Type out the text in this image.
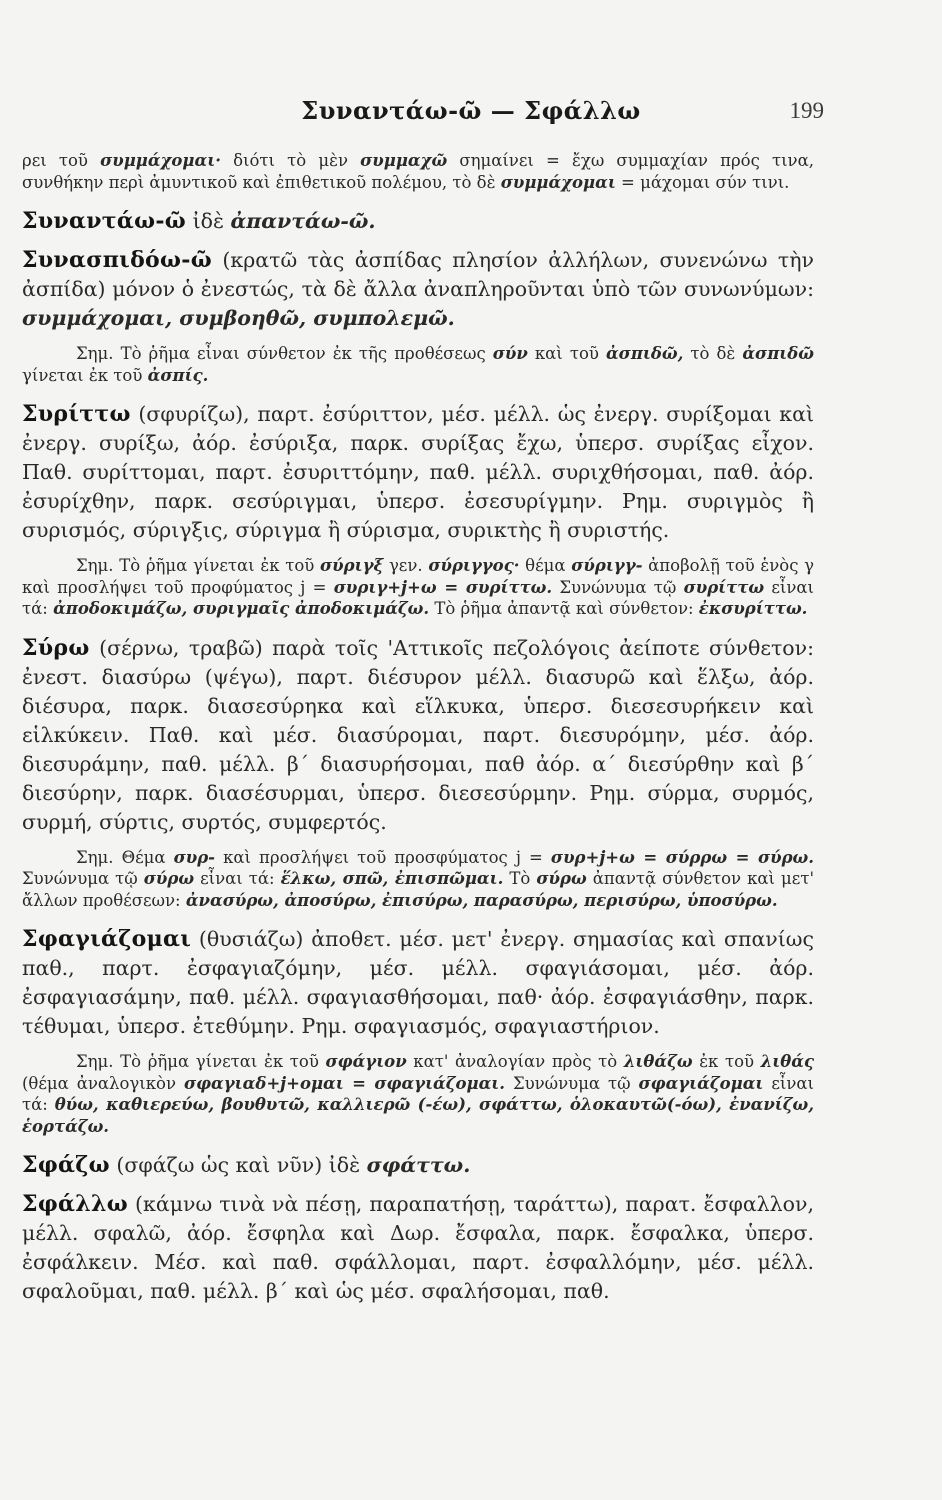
Συναντάω-ῶ — Σφάλλω	199

ρει τοῦ συμμάχομαι· διότι τὸ μὲν συμμαχῶ σημαίνει = ἔχω συμμαχίαν πρός τινα, συνθήκην περὶ ἀμυντικοῦ καὶ ἐπιθετικοῦ πολέμου, τὸ δὲ συμμάχομαι = μάχομαι σύν τινι.

Συναντάω-ῶ ἰδὲ ἀπαντάω-ῶ.

Συνασπιδόω-ῶ (κρατῶ τὰς ἀσπίδας πλησίον ἀλλήλων, συνενώνω τὴν ἀσπίδα) μόνον ὁ ἐνεστώς, τὰ δὲ ἄλλα ἀναπληροῦνται ὑπὸ τῶν συνωνύμων: συμμάχομαι, συμβοηθῶ, συμπολεμῶ.

Σημ. Τὸ ῥῆμα εἶναι σύνθετον ἐκ τῆς προθέσεως σύν καὶ τοῦ ἀσπιδῶ, τὸ δὲ ἀσπιδῶ γίνεται ἐκ τοῦ ἀσπίς.

Συρίττω (σφυρίζω), παρτ. ἐσύριττον, μέσ. μέλλ. ὡς ἐνεργ. συρίξομαι καὶ ἐνεργ. συρίξω, ἀόρ. ἐσύριξα, παρκ. συρίξας ἔχω, ὑπερσ. συρίξας εἶχον. Παθ. συρίττομαι, παρτ. ἐσυριττόμην, παθ. μέλλ. συριχθήσομαι, παθ. ἀόρ. ἐσυρίχθην, παρκ. σεσύριγμαι, ὑπερσ. ἐσεσυρίγμην. Ρημ. συριγμὸς ἢ συρισμός, σύριγξις, σύριγμα ἢ σύρισμα, συρικτὴς ἢ συριστής.

Σημ. Τὸ ῥῆμα γίνεται ἐκ τοῦ σύριγξ γεν. σύριγγος· θέμα σύριγγ- ἀποβολῇ τοῦ ἑνὸς γ καὶ προσλήψει τοῦ προφύματος j = συριγ+j+ω = συρίττω. Συνώνυμα τῷ συρίττω εἶναι τά: ἀποδοκιμάζω, συριγμαῖς ἀποδοκιμάζω. Τὸ ῥῆμα ἀπαντᾷ καὶ σύνθετον: ἐκσυρίττω.

Σύρω (σέρνω, τραβῶ) παρὰ τοῖς 'Αττικοῖς πεζολόγοις ἀείποτε σύνθετον: ἐνεστ. διασύρω (ψέγω), παρτ. διέσυρον μέλλ. διασυρῶ καὶ ἕλξω, ἀόρ. διέσυρα, παρκ. διασεσύρηκα καὶ εἵλκυκα, ὑπερσ. διεσεσυρήκειν καὶ εἱλκύκειν. Παθ. καὶ μέσ. διασύρομαι, παρτ. διεσυρόμην, μέσ. ἀόρ. διεσυράμην, παθ. μέλλ. β΄ διασυρήσομαι, παθ ἀόρ. α΄ διεσύρθην καὶ β΄ διεσύρην, παρκ. διασέσυρμαι, ὑπερσ. διεσεσύρμην. Ρημ. σύρμα, συρμός, συρμή, σύρτις, συρτός, συμφερτός.

Σημ. Θέμα συρ- καὶ προσλήψει τοῦ προσφύματος j = συρ+j+ω = σύρρω = σύρω. Συνώνυμα τῷ σύρω εἶναι τά: ἕλκω, σπῶ, ἐπισπῶμαι. Τὸ σύρω ἀπαντᾷ σύνθετον καὶ μετ' ἄλλων προθέσεων: ἀνασύρω, ἀποσύρω, ἐπισύρω, παρασύρω, περισύρω, ὑποσύρω.

Σφαγιάζομαι (θυσιάζω) ἀποθετ. μέσ. μετ' ἐνεργ. σημασίας καὶ σπανίως παθ., παρτ. ἐσφαγιαζόμην, μέσ. μέλλ. σφαγιάσομαι, μέσ. ἀόρ. ἐσφαγιασάμην, παθ. μέλλ. σφαγιασθήσομαι, παθ· ἀόρ. ἐσφαγιάσθην, παρκ. τέθυμαι, ὑπερσ. ἐτεθύμην. Ρημ. σφαγιασμός, σφαγιαστήριον.

Σημ. Τὸ ῥῆμα γίνεται ἐκ τοῦ σφάγιον κατ' ἀναλογίαν πρὸς τὸ λιθάζω ἐκ τοῦ λιθάς (θέμα ἀναλογικὸν σφαγιαδ+j+ομαι = σφαγιάζομαι. Συνώνυμα τῷ σφαγιάζομαι εἶναι τά: θύω, καθιερεύω, βουθυτῶ, καλλιερῶ (-έω), σφάττω, ὁλοκαυτῶ(-όω), ἐνανίζω, ἑορτάζω.

Σφάζω (σφάζω ὡς καὶ νῦν) ἰδὲ σφάττω.

Σφάλλω (κάμνω τινὰ νὰ πέσῃ, παραπατήσῃ, ταράττω), παρατ. ἔσφαλλον, μέλλ. σφαλῶ, ἀόρ. ἔσφηλα καὶ Δωρ. ἔσφαλα, παρκ. ἔσφαλκα, ὑπερσ. ἐσφάλκειν. Μέσ. καὶ παθ. σφάλλομαι, παρτ. ἐσφαλλόμην, μέσ. μέλλ. σφαλοῦμαι, παθ. μέλλ. β΄ καὶ ὡς μέσ. σφαλήσομαι, παθ.
